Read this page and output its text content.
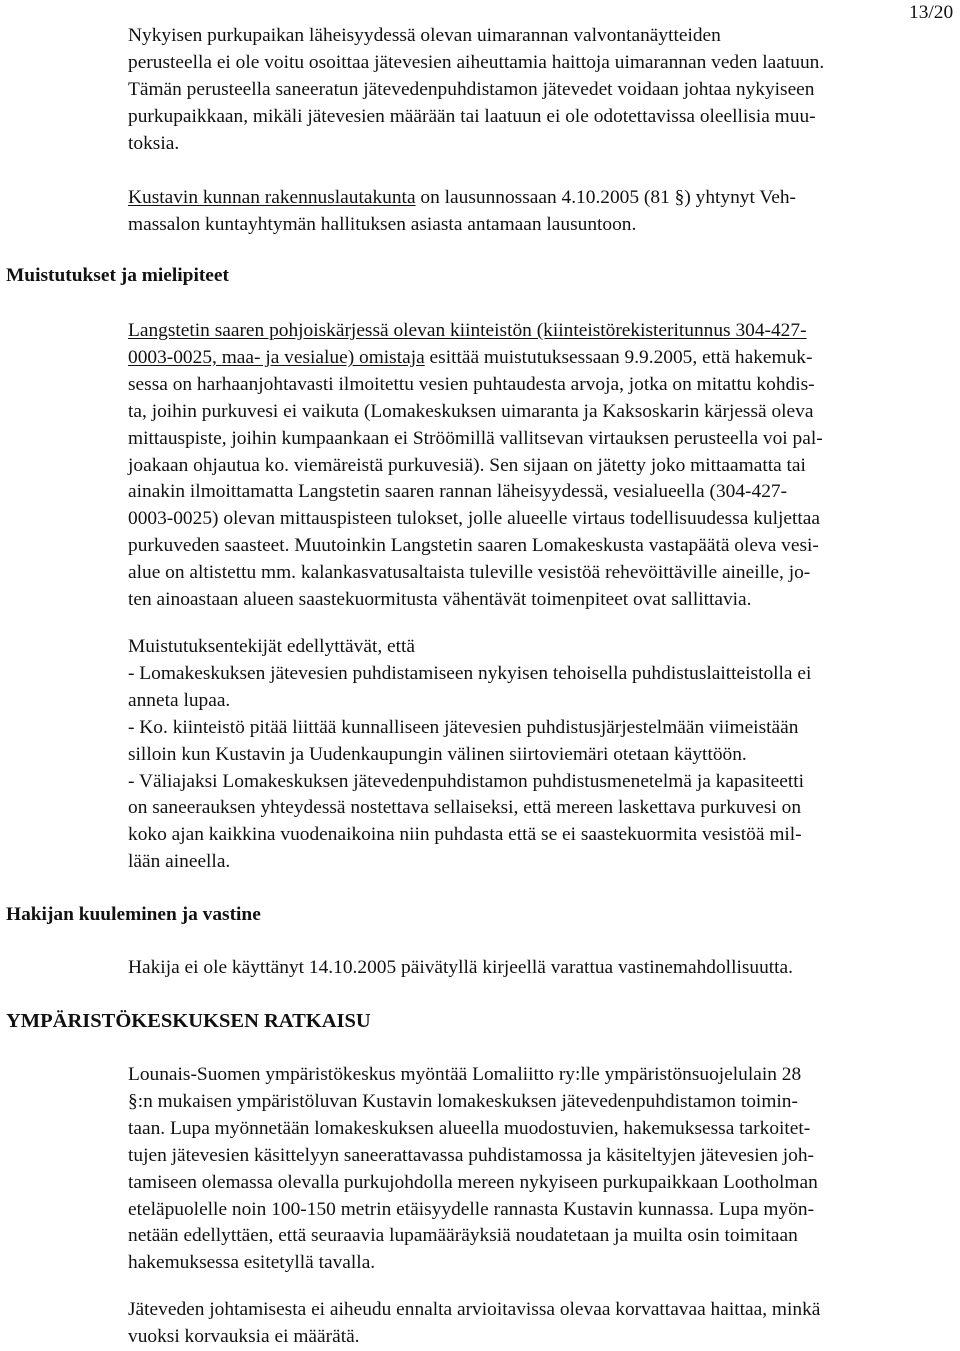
13/20
Nykyisen purkupaikan läheisyydessä olevan uimarannan valvontanäytteiden
perusteella ei ole voitu osoittaa jätevesien aiheuttamia haittoja uimarannan veden laatuun.
Tämän perusteella saneeratun jätevedenpuhdistamon jätevedet voidaan johtaa nykyiseen
purkupaikkaan, mikäli jätevesien määrään tai laatuun ei ole odotettavissa oleellisia muu-
toksia.
Kustavin kunnan rakennuslautakunta on lausunnossaan 4.10.2005 (81 §) yhtynyt Veh-
massalon kuntayhtymän hallituksen asiasta antamaan lausuntoon.
Muistutukset ja mielipiteet
Langstetin saaren pohjoiskärjessä olevan kiinteistön (kiinteistörekisteritunnus 304-427-
0003-0025, maa- ja vesialue) omistaja esittää muistutuksessaan 9.9.2005, että hakemuk-
sessa on harhaanjohtavasti ilmoitettu vesien puhtaudesta arvoja, jotka on mitattu kohdis-
ta, joihin purkuvesi ei vaikuta (Lomakeskuksen uimaranta ja Kaksoskarin kärjessä oleva
mittauspiste, joihin kumpaankaan ei Ströömillä vallitsevan virtauksen perusteella voi pal-
joakaan ohjautua ko. viemäreistä purkuvesiä). Sen sijaan on jätetty joko mittaamatta tai
ainakin ilmoittamatta Langstetin saaren rannan läheisyydessä, vesialueella (304-427-
0003-0025) olevan mittauspisteen tulokset, jolle alueelle virtaus todellisuudessa kuljettaa
purkuveden saasteet. Muutoinkin Langstetin saaren Lomakeskusta vastapäätä oleva vesi-
alue on altistettu mm. kalankasvatusaltaista tuleville vesistöä rehevöittäville aineille, jo-
ten ainoastaan alueen saastekuormitusta vähentävät toimenpiteet ovat sallittavia.
Muistutuksentekijät edellyttävät, että
- Lomakeskuksen jätevesien puhdistamiseen nykyisen tehoisella puhdistuslaitteistolla ei
anneta lupaa.
- Ko. kiinteistö pitää liittää kunnalliseen jätevesien puhdistusjärjestelmään viimeistään
silloin kun Kustavin ja Uudenkaupungin välinen siirtoviemäri otetaan käyttöön.
- Väliajaksi Lomakeskuksen jätevedenpuhdistamon puhdistusmenetelmä ja kapasiteetti
on saneerauksen yhteydessä nostettava sellaiseksi, että mereen laskettava purkuvesi on
koko ajan kaikkina vuodenaikoina niin puhdasta että se ei saastekuormita vesistöä mil-
lään aineella.
Hakijan kuuleminen ja vastine
Hakija ei ole käyttänyt 14.10.2005 päivätyllä kirjeellä varattua vastinemahdollisuutta.
YMPÄRISTÖKESKUKSEN RATKAISU
Lounais-Suomen ympäristökeskus myöntää Lomaliitto ry:lle ympäristönsuojelulain 28
§:n mukaisen ympäristöluvan Kustavin lomakeskuksen jätevedenpuhdistamon toimin-
taan. Lupa myönnetään lomakeskuksen alueella muodostuvien, hakemuksessa tarkoitet-
tujen jätevesien käsittelyyn saneerattavassa puhdistamossa ja käsiteltyjen jätevesien joh-
tamiseen olemassa olevalla purkujohdolla mereen nykyiseen purkupaikkaan Lootholman
eteläpuolelle noin 100-150 metrin etäisyydelle rannasta Kustavin kunnassa. Lupa myön-
netään edellyttäen, että seuraavia lupamääräyksiä noudatetaan ja muilta osin toimitaan
hakemuksessa esitetyllä tavalla.
Jäteveden johtamisesta ei aiheudu ennalta arvioitavissa olevaa korvattavaa haittaa, minkä
vuoksi korvauksia ei määrätä.
